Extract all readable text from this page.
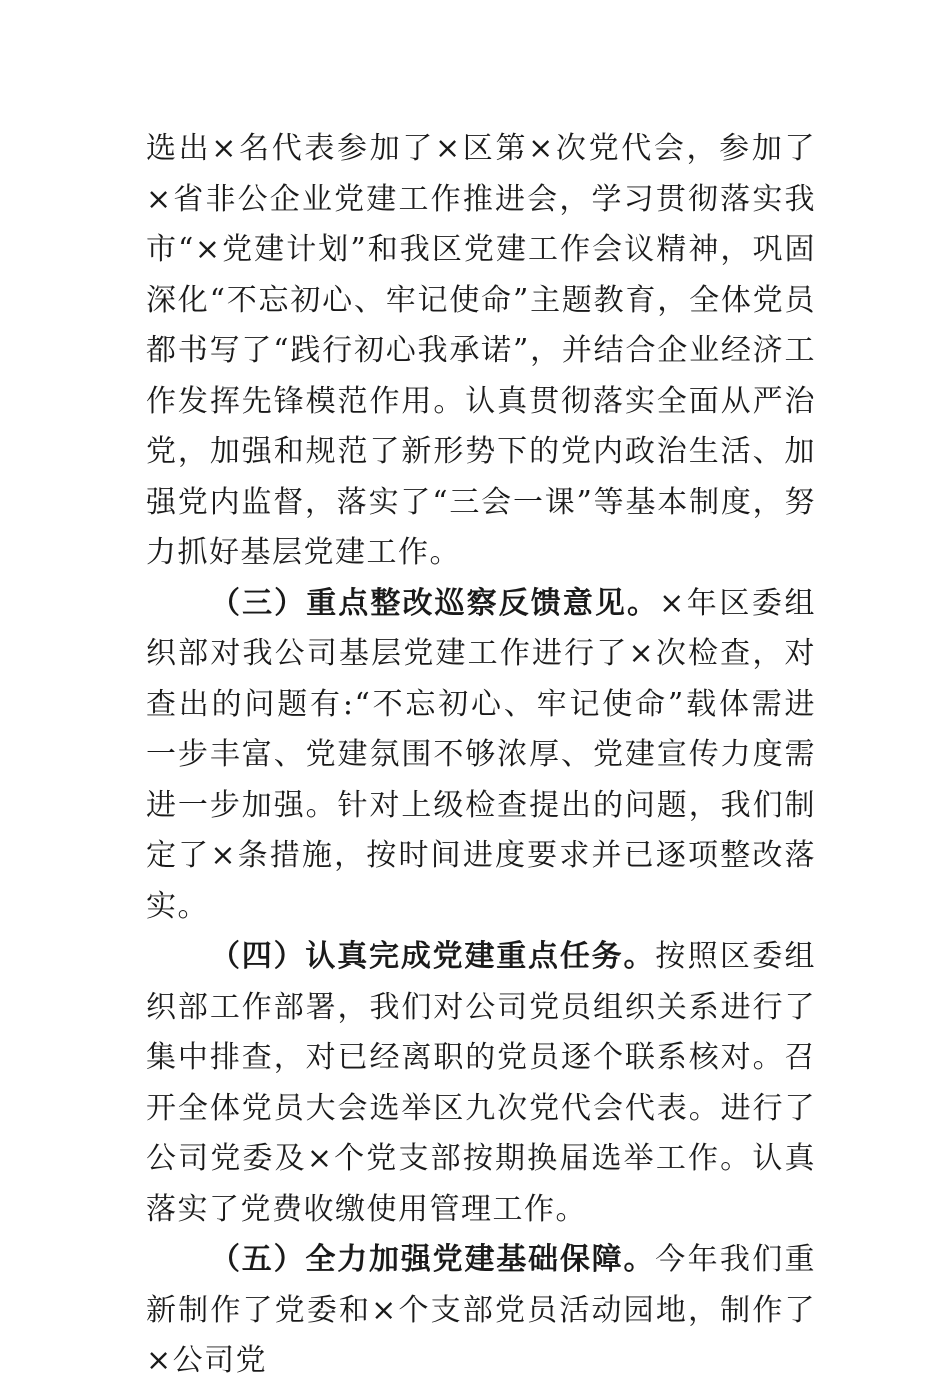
选出×名代表参加了×区第×次党代会，参加了×省非公企业党建工作推进会，学习贯彻落实我市“×党建计划”和我区党建工作会议精神，巩固深化“不忘初心、牢记使命”主题教育，全体党员都书写了“践行初心我承诺”，并结合企业经济工作发挥先锋模范作用。认真贯彻落实全面从严治党，加强和规范了新形势下的党内政治生活、加强党内监督，落实了“三会一课”等基本制度，努力抓好基层党建工作。

（三）重点整改巡察反馈意见。×年区委组织部对我公司基层党建工作进行了×次检查，对查出的问题有:“不忘初心、牢记使命”载体需进一步丰富、党建氛围不够浓厚、党建宣传力度需进一步加强。针对上级检查提出的问题，我们制定了×条措施，按时间进度要求并已逐项整改落实。

（四）认真完成党建重点任务。按照区委组织部工作部署，我们对公司党员组织关系进行了集中排查，对已经离职的党员逐个联系核对。召开全体党员大会选举区九次党代会代表。进行了公司党委及×个党支部按期换届选举工作。认真落实了党费收缴使用管理工作。

（五）全力加强党建基础保障。今年我们重新制作了党委和×个支部党员活动园地，制作了×公司党
